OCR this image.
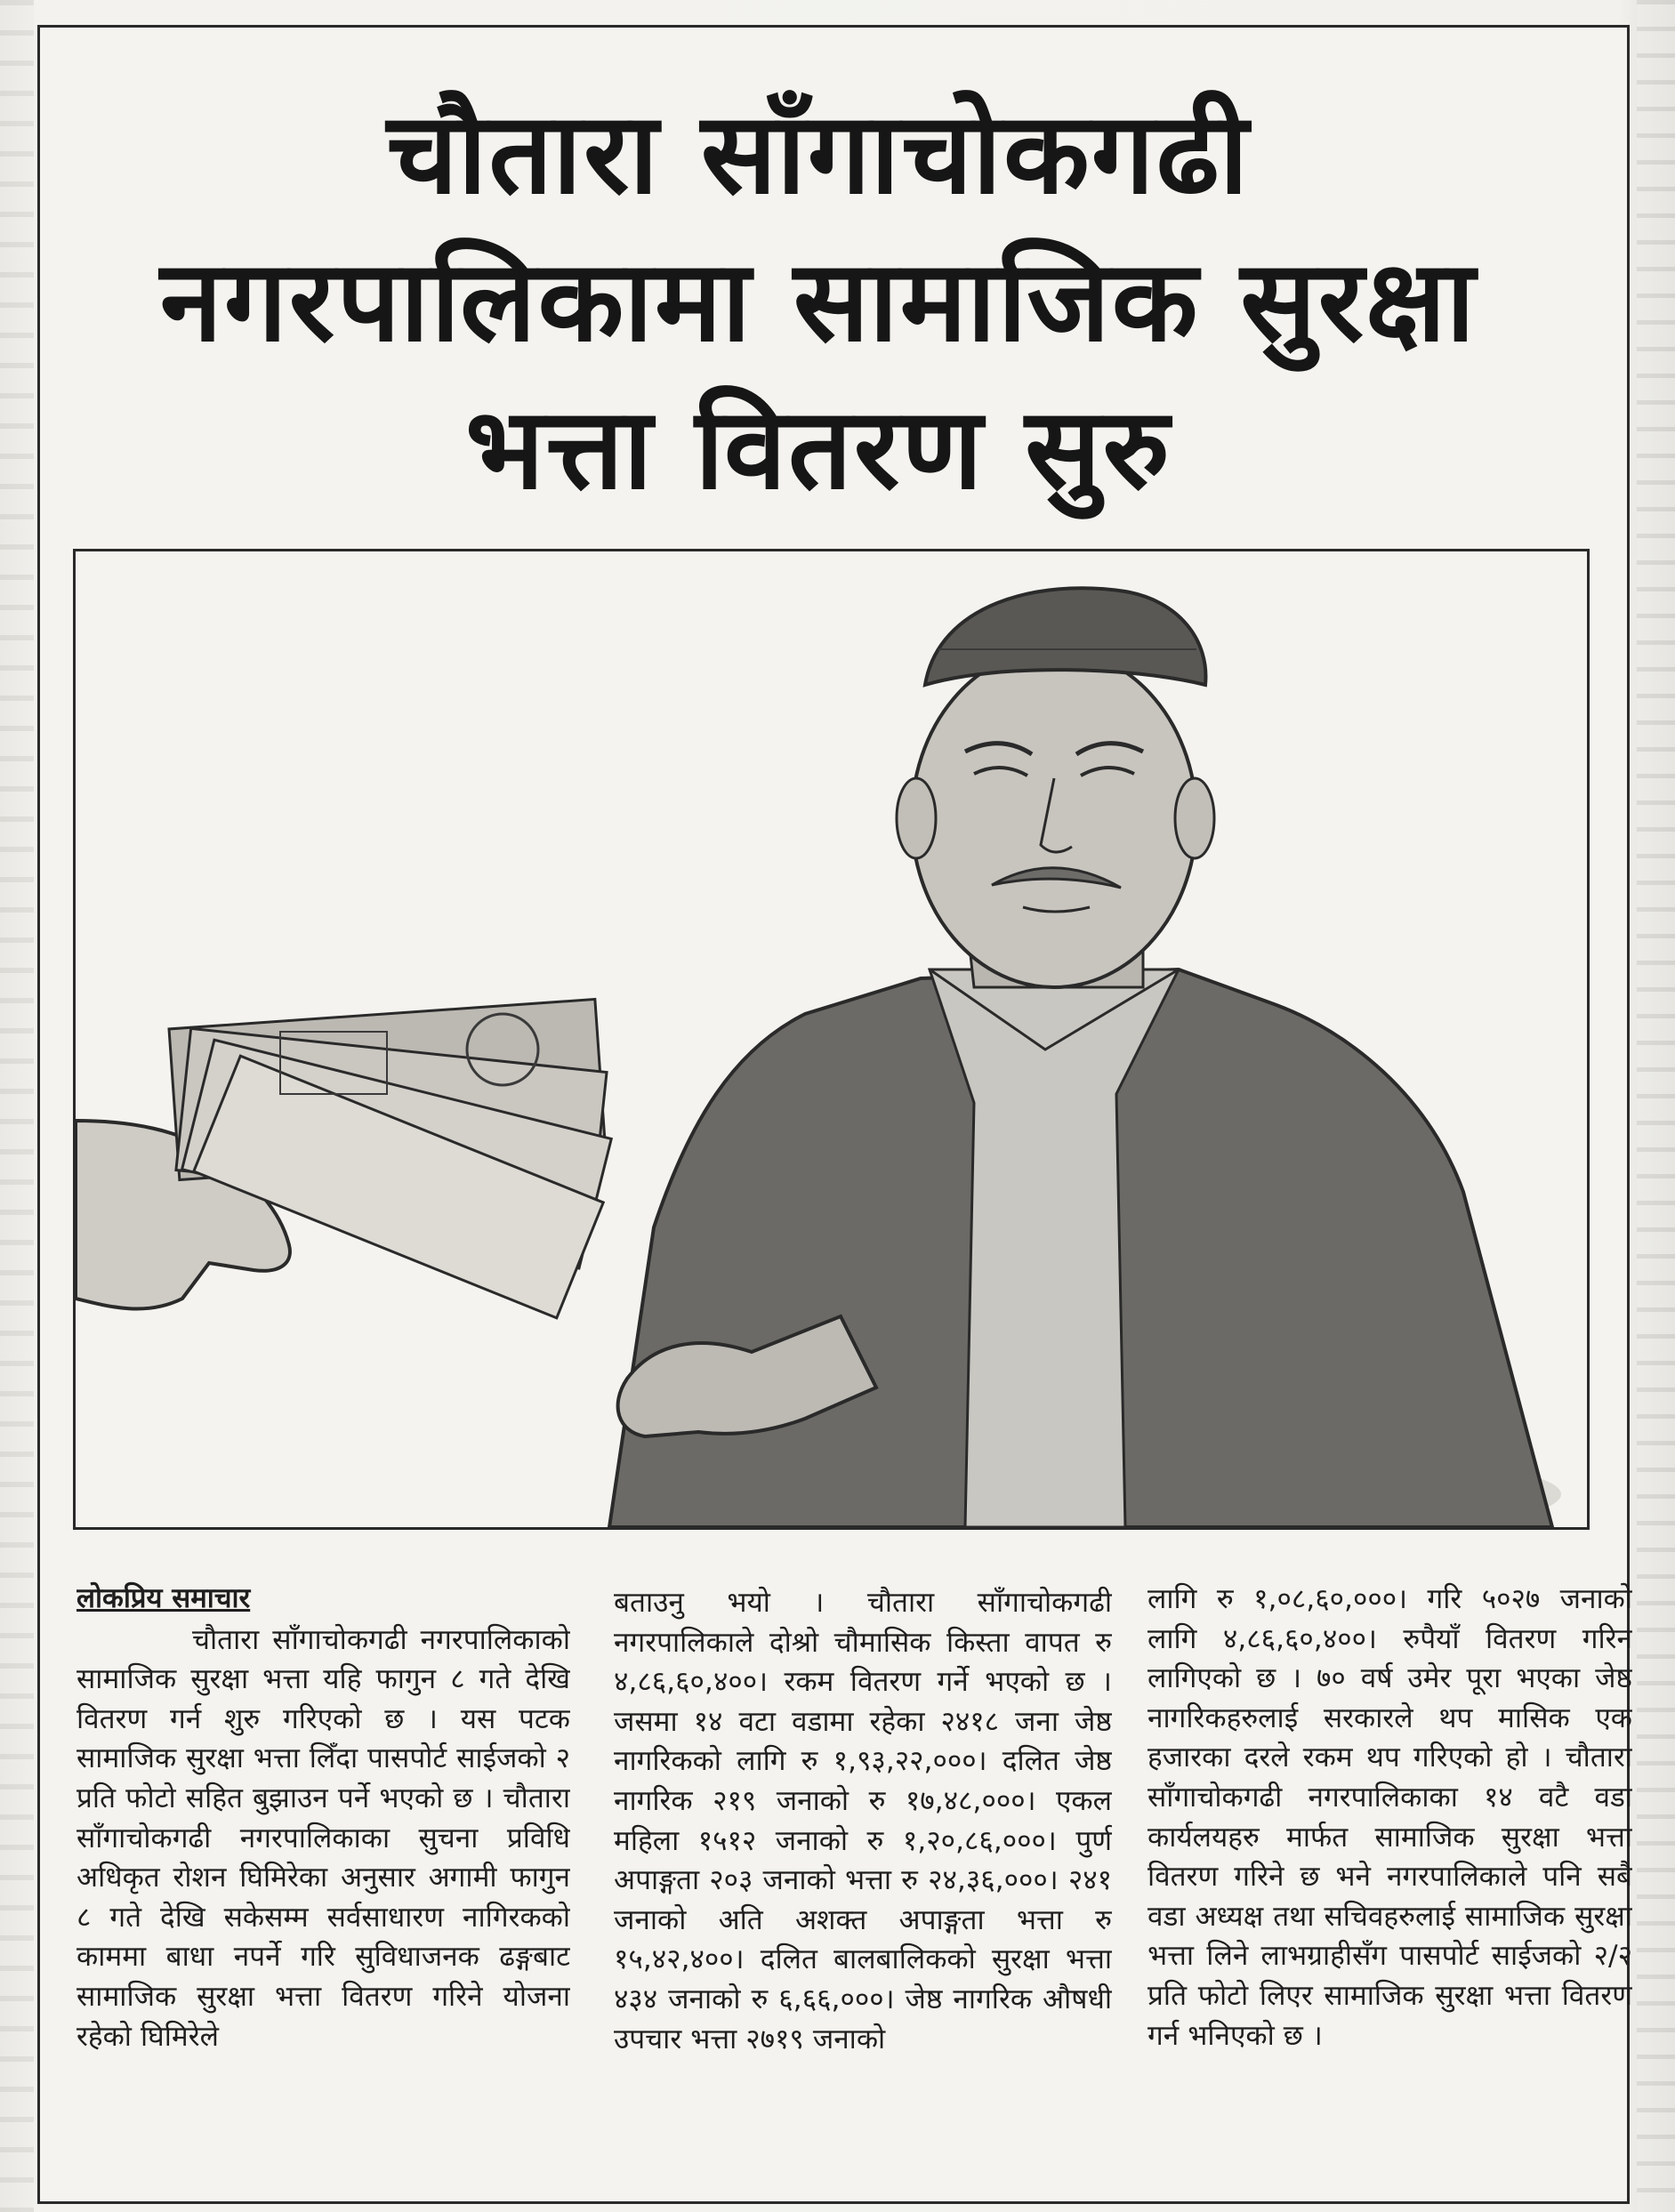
चौतारा साँगाचोकगढी नगरपालिकामा सामाजिक सुरक्षा भत्ता वितरण सुरु
लोकप्रिय समाचार

चौतारा साँगाचोकगढी नगरपालिकाको सामाजिक सुरक्षा भत्ता यहि फागुन ८ गते देखि वितरण गर्न शुरु गरिएको छ । यस पटक सामाजिक सुरक्षा भत्ता लिँदा पासपोर्ट साईजको २ प्रति फोटो सहित बुझाउन पर्ने भएको छ । चौतारा साँगाचोकगढी नगरपालिकाका सुचना प्रविधि अधिकृत रोशन घिमिरेका अनुसार अगामी फागुन ८ गते देखि सकेसम्म सर्वसाधारण नागिरकको काममा बाधा नपर्ने गरि सुविधाजनक ढङ्गबाट सामाजिक सुरक्षा भत्ता वितरण गरिने योजना रहेको घिमिरेले

बताउनु भयो । चौतारा साँगाचोकगढी नगरपालिकाले दोश्रो चौमासिक किस्ता वापत रु ४,८६,६०,४००। रकम वितरण गर्ने भएको छ । जसमा १४ वटा वडामा रहेका २४१८ जना जेष्ठ नागरिकको लागि रु १,९३,२२,०००। दलित जेष्ठ नागरिक २१९ जनाको रु १७,४८,०००। एकल महिला १५१२ जनाको रु १,२०,८६,०००। पुर्ण अपाङ्गता २०३ जनाको भत्ता रु २४,३६,०००। २४१ जनाको अति अशक्त अपाङ्गता भत्ता रु १५,४२,४००। दलित बालबालिकको सुरक्षा भत्ता ४३४ जनाको रु ६,६६,०००। जेष्ठ नागरिक औषधी उपचार भत्ता २७१९ जनाको

लागि रु १,०८,६०,०००। गरि ५०२७ जनाको लागि ४,८६,६०,४००। रुपैयाँ वितरण गरिन लागिएको छ । ७० वर्ष उमेर पूरा भएका जेष्ठ नागरिकहरुलाई सरकारले थप मासिक एक हजारका दरले रकम थप गरिएको हो । चौतारा साँगाचोकगढी नगरपालिकाका १४ वटै वडा कार्यलयहरु मार्फत सामाजिक सुरक्षा भत्ता वितरण गरिने छ भने नगरपालिकाले पनि सबै वडा अध्यक्ष तथा सचिवहरुलाई सामाजिक सुरक्षा भत्ता लिने लाभग्राहीसँग पासपोर्ट साईजको २/२ प्रति फोटो लिएर सामाजिक सुरक्षा भत्ता वितरण गर्न भनिएको छ ।
